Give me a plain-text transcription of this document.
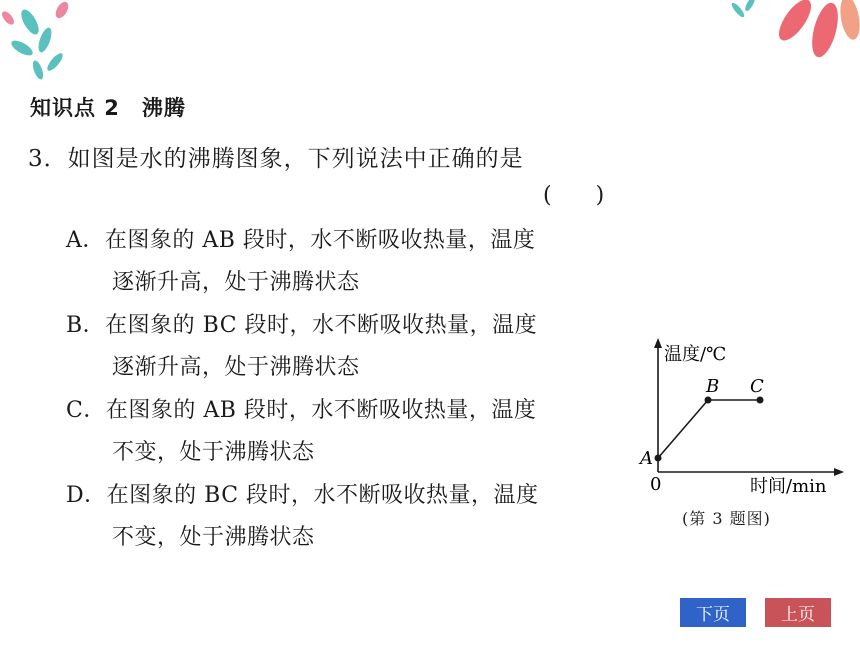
知识点 2　沸腾
3．如图是水的沸腾图象，下列说法中正确的是
(　　)
A．在图象的 AB 段时，水不断吸收热量，温度
逐渐升高，处于沸腾状态
B．在图象的 BC 段时，水不断吸收热量，温度
逐渐升高，处于沸腾状态
C．在图象的 AB 段时，水不断吸收热量，温度
不变，处于沸腾状态
D．在图象的 BC 段时，水不断吸收热量，温度
不变，处于沸腾状态
温度/℃
时间/min
0
A
B C
(第 3 题图)
下页	上页
